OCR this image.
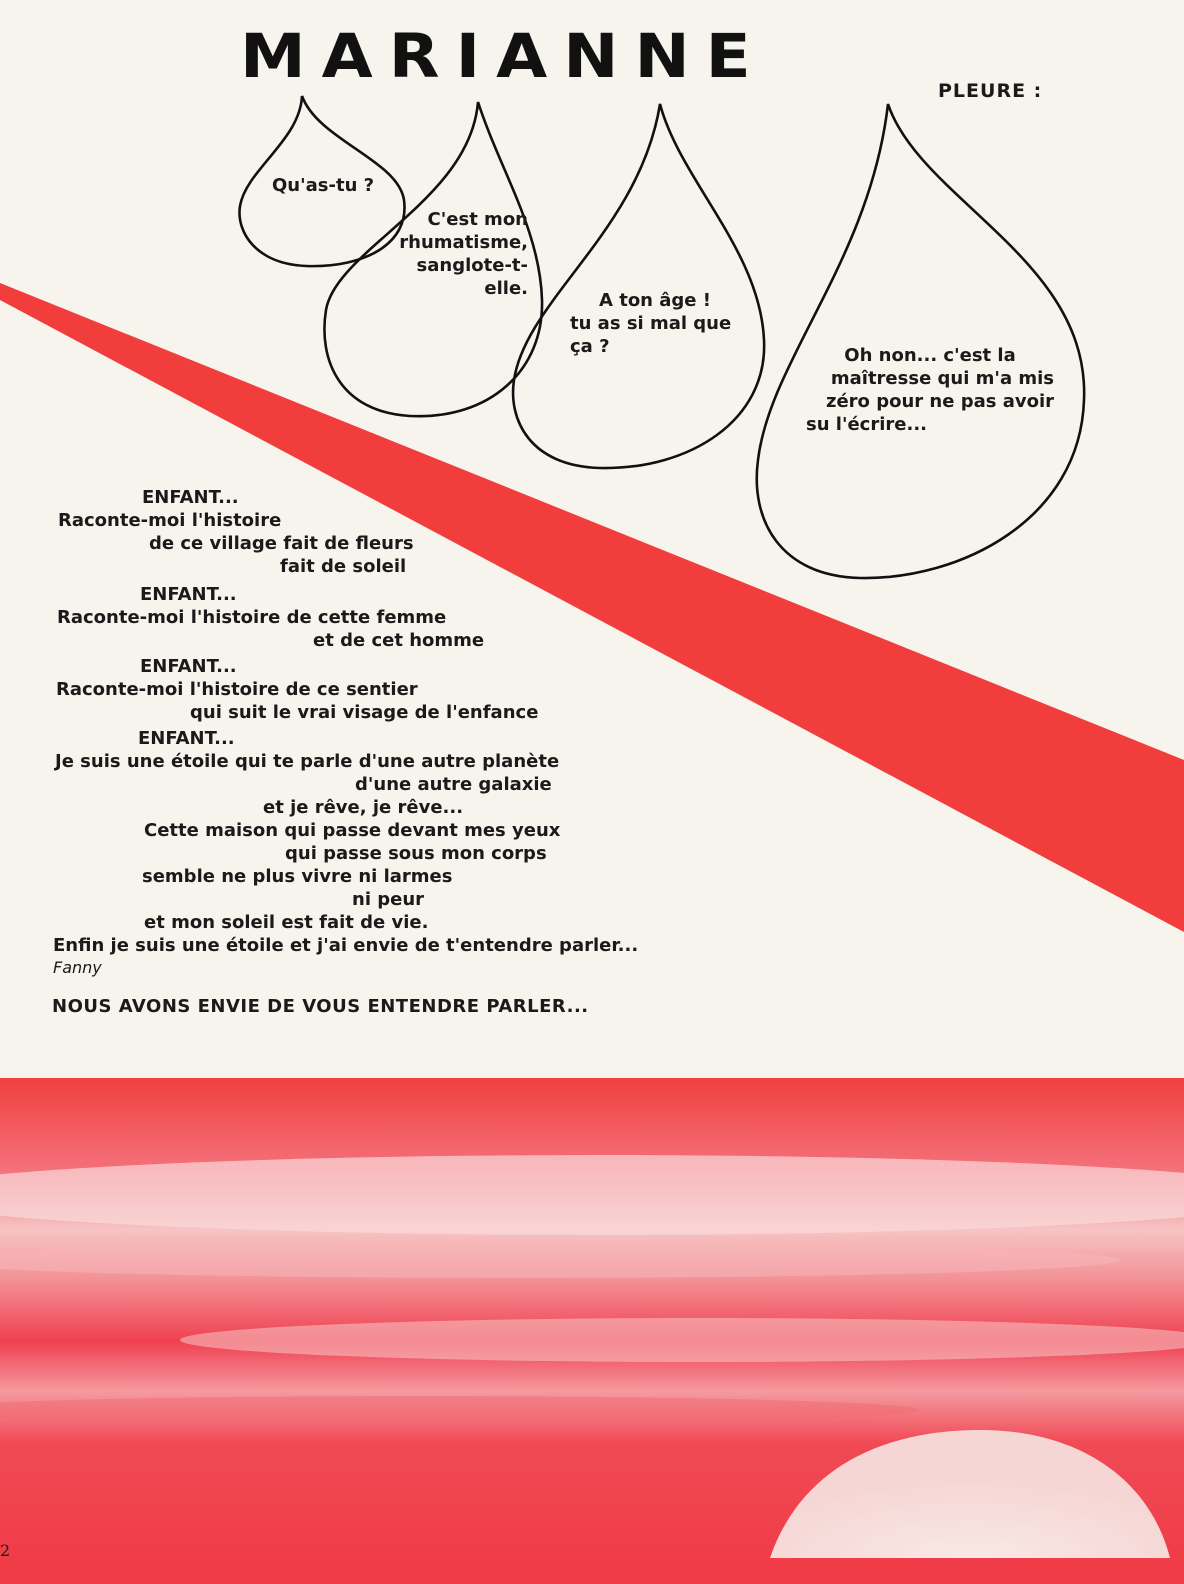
MARIANNE	PLEURE :
Qu'as-tu ?
C'est mon
rhumatisme,
sanglote-t-elle.
A ton âge !
tu as si mal que
ça ?	Oh non... c'est la
maîtresse qui m'a mis
zéro pour ne pas avoir
su l'écrire...
ENFANT...
Raconte-moi l'histoire
de ce village fait de fleurs
fait de soleil
ENFANT...
Raconte-moi l'histoire de cette femme
et de cet homme
ENFANT...
Raconte-moi l'histoire de ce sentier
qui suit le vrai visage de l'enfance
ENFANT...
Je suis une étoile qui te parle d'une autre planète
d'une autre galaxie
et je rêve, je rêve...
Cette maison qui passe devant mes yeux
qui passe sous mon corps
semble ne plus vivre ni larmes
ni peur
et mon soleil est fait de vie.
Enfin je suis une étoile et j'ai envie de t'entendre parler...
Fanny
NOUS AVONS ENVIE DE VOUS ENTENDRE PARLER...
2
